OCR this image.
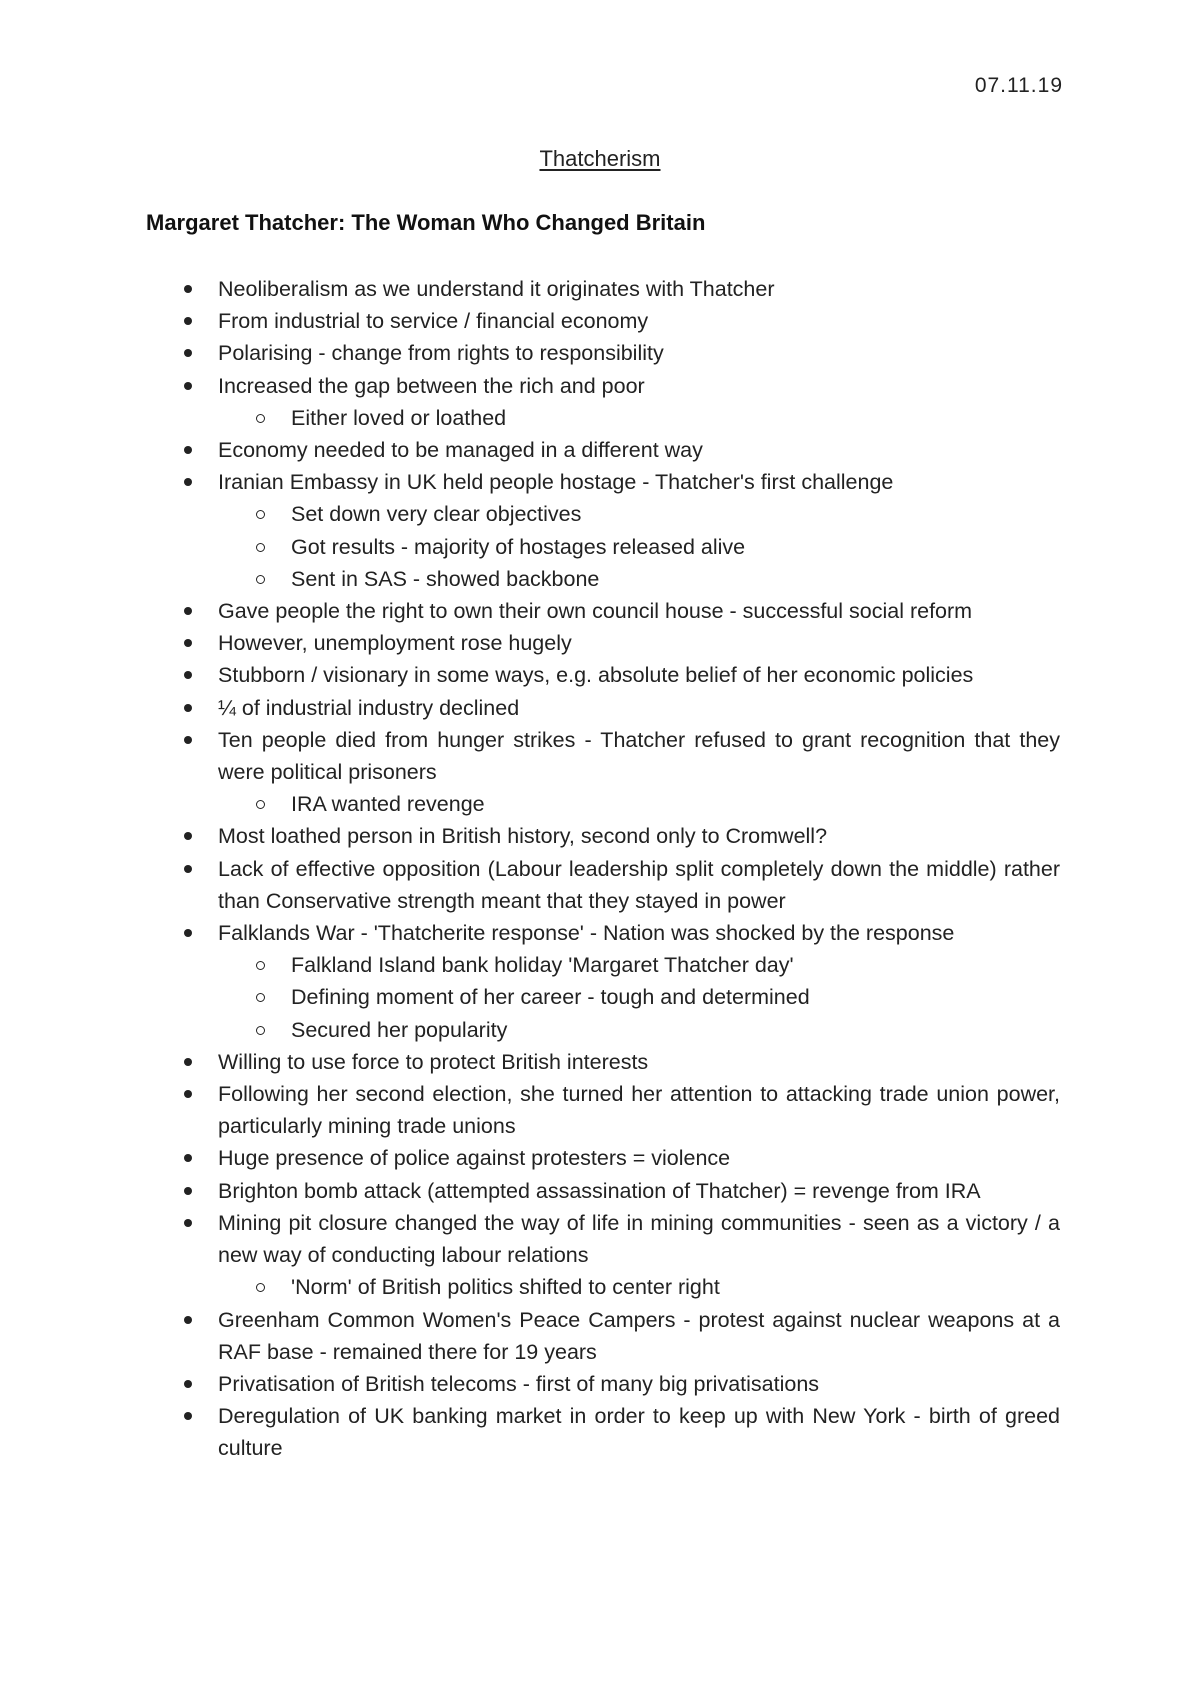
07.11.19
Thatcherism
Margaret Thatcher: The Woman Who Changed Britain
Neoliberalism as we understand it originates with Thatcher
From industrial to service / financial economy
Polarising - change from rights to responsibility
Increased the gap between the rich and poor
Either loved or loathed
Economy needed to be managed in a different way
Iranian Embassy in UK held people hostage - Thatcher's first challenge
Set down very clear objectives
Got results - majority of hostages released alive
Sent in SAS - showed backbone
Gave people the right to own their own council house - successful social reform
However, unemployment rose hugely
Stubborn / visionary in some ways, e.g. absolute belief of her economic policies
¼ of industrial industry declined
Ten people died from hunger strikes - Thatcher refused to grant recognition that they were political prisoners
IRA wanted revenge
Most loathed person in British history, second only to Cromwell?
Lack of effective opposition (Labour leadership split completely down the middle) rather than Conservative strength meant that they stayed in power
Falklands War - 'Thatcherite response' - Nation was shocked by the response
Falkland Island bank holiday 'Margaret Thatcher day'
Defining moment of her career - tough and determined
Secured her popularity
Willing to use force to protect British interests
Following her second election, she turned her attention to attacking trade union power, particularly mining trade unions
Huge presence of police against protesters = violence
Brighton bomb attack (attempted assassination of Thatcher) = revenge from IRA
Mining pit closure changed the way of life in mining communities - seen as a victory / a new way of conducting labour relations
'Norm' of British politics shifted to center right
Greenham Common Women's Peace Campers - protest against nuclear weapons at a RAF base - remained there for 19 years
Privatisation of British telecoms - first of many big privatisations
Deregulation of UK banking market in order to keep up with New York - birth of greed culture
